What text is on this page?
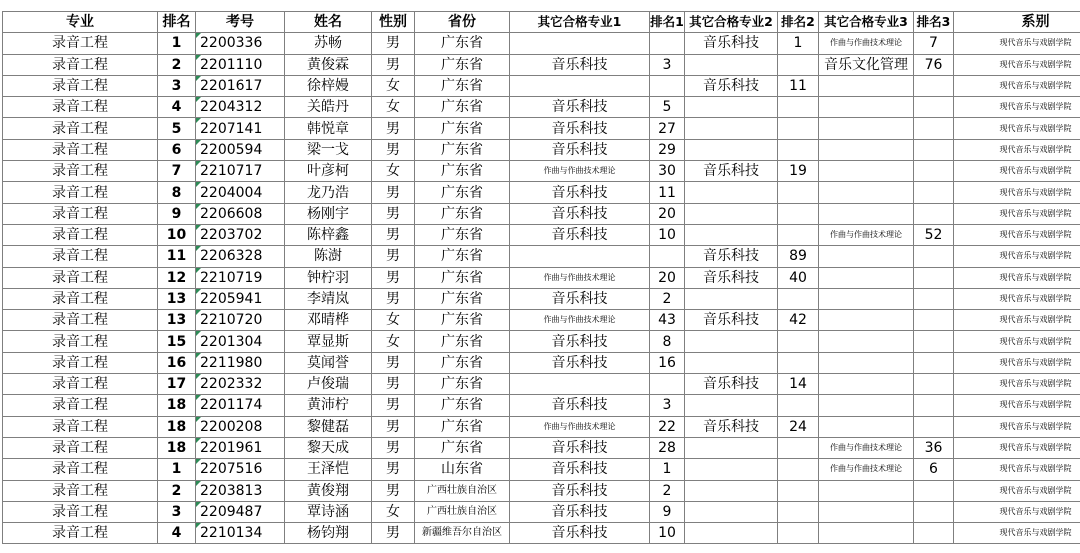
专业	排名	考号	姓名	性别	省份	其它合格专业1	排名1	其它合格专业2	排名2	其它合格专业3	排名3	系别
录音工程	1	2200336	苏畅	男	广东省			音乐科技	1	作曲与作曲技术理论	7	现代音乐与戏剧学院
录音工程	2	2201110	黄俊霖	男	广东省	音乐科技	3			音乐文化管理	76	现代音乐与戏剧学院
录音工程	3	2201617	徐梓嫚	女	广东省			音乐科技	11			现代音乐与戏剧学院
录音工程	4	2204312	关皓丹	女	广东省	音乐科技	5					现代音乐与戏剧学院
录音工程	5	2207141	韩悦章	男	广东省	音乐科技	27					现代音乐与戏剧学院
录音工程	6	2200594	梁一戈	男	广东省	音乐科技	29					现代音乐与戏剧学院
录音工程	7	2210717	叶彦柯	女	广东省	作曲与作曲技术理论	30	音乐科技	19			现代音乐与戏剧学院
录音工程	8	2204004	龙乃浩	男	广东省	音乐科技	11					现代音乐与戏剧学院
录音工程	9	2206608	杨刚宇	男	广东省	音乐科技	20					现代音乐与戏剧学院
录音工程	10	2203702	陈梓鑫	男	广东省	音乐科技	10			作曲与作曲技术理论	52	现代音乐与戏剧学院
录音工程	11	2206328	陈澍	男	广东省			音乐科技	89			现代音乐与戏剧学院
录音工程	12	2210719	钟柠羽	男	广东省	作曲与作曲技术理论	20	音乐科技	40			现代音乐与戏剧学院
录音工程	13	2205941	李靖岚	男	广东省	音乐科技	2					现代音乐与戏剧学院
录音工程	13	2210720	邓晴桦	女	广东省	作曲与作曲技术理论	43	音乐科技	42			现代音乐与戏剧学院
录音工程	15	2201304	覃显斯	女	广东省	音乐科技	8					现代音乐与戏剧学院
录音工程	16	2211980	莫闻誉	男	广东省	音乐科技	16					现代音乐与戏剧学院
录音工程	17	2202332	卢俊瑞	男	广东省			音乐科技	14			现代音乐与戏剧学院
录音工程	18	2201174	黄沛柠	男	广东省	音乐科技	3					现代音乐与戏剧学院
录音工程	18	2200208	黎健磊	男	广东省	作曲与作曲技术理论	22	音乐科技	24			现代音乐与戏剧学院
录音工程	18	2201961	黎天成	男	广东省	音乐科技	28			作曲与作曲技术理论	36	现代音乐与戏剧学院
录音工程	1	2207516	王泽恺	男	山东省	音乐科技	1			作曲与作曲技术理论	6	现代音乐与戏剧学院
录音工程	2	2203813	黄俊翔	男	广西壮族自治区	音乐科技	2					现代音乐与戏剧学院
录音工程	3	2209487	覃诗涵	女	广西壮族自治区	音乐科技	9					现代音乐与戏剧学院
录音工程	4	2210134	杨钧翔	男	新疆维吾尔自治区	音乐科技	10					现代音乐与戏剧学院
